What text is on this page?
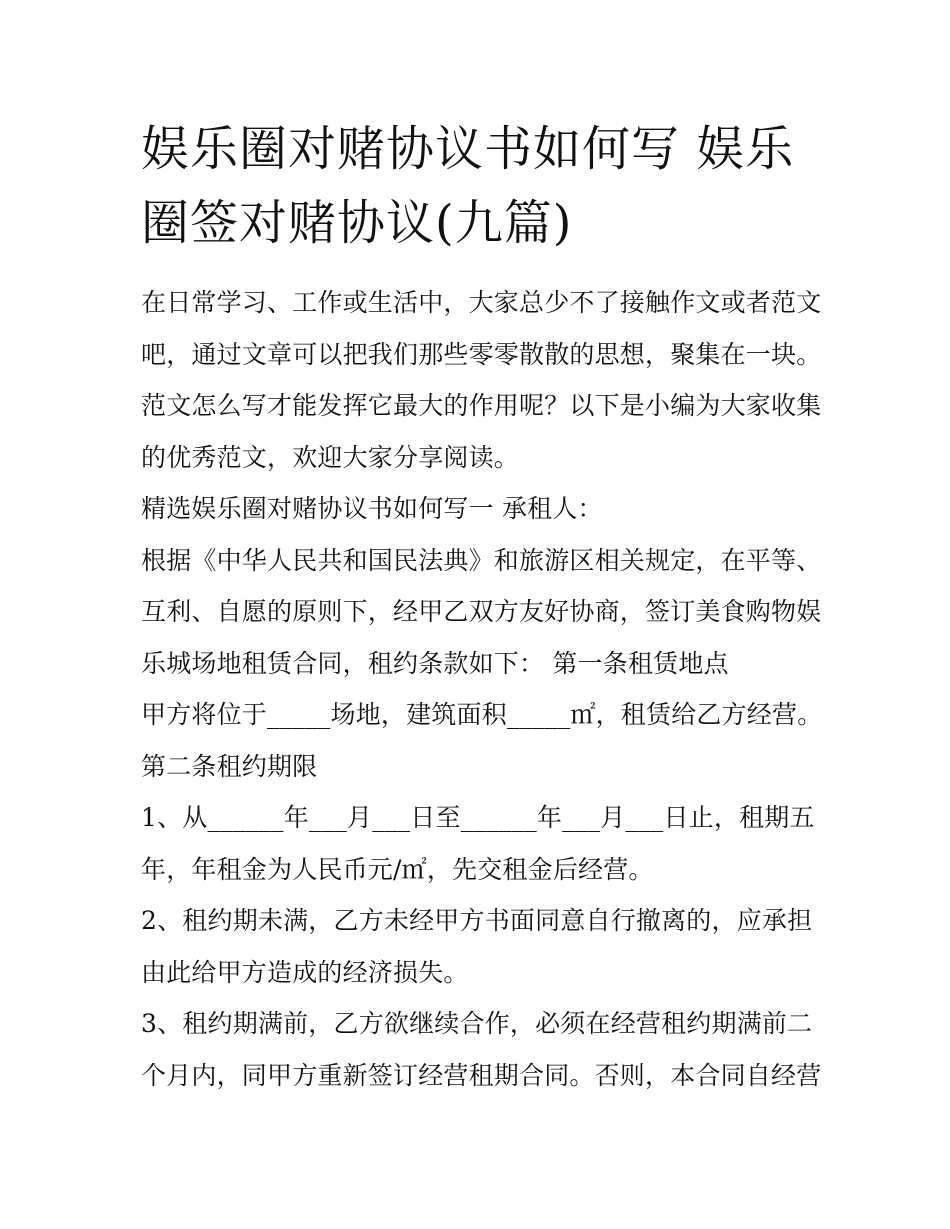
娱乐圈对赌协议书如何写 娱乐
圈签对赌协议(九篇)
在日常学习、工作或生活中，大家总少不了接触作文或者范文
吧，通过文章可以把我们那些零零散散的思想，聚集在一块。
范文怎么写才能发挥它最大的作用呢？以下是小编为大家收集
的优秀范文，欢迎大家分享阅读。
精选娱乐圈对赌协议书如何写一 承租人：
根据《中华人民共和国民法典》和旅游区相关规定，在平等、
互利、自愿的原则下，经甲乙双方友好协商，签订美食购物娱
乐城场地租赁合同，租约条款如下： 第一条租赁地点
甲方将位于_____场地，建筑面积_____㎡，租赁给乙方经营。
第二条租约期限
1、从______年___月___日至______年___月___日止，租期五
年，年租金为人民币元/㎡，先交租金后经营。
2、租约期未满，乙方未经甲方书面同意自行撤离的，应承担
由此给甲方造成的经济损失。
3、租约期满前，乙方欲继续合作，必须在经营租约期满前二
个月内，同甲方重新签订经营租期合同。否则，本合同自经营
